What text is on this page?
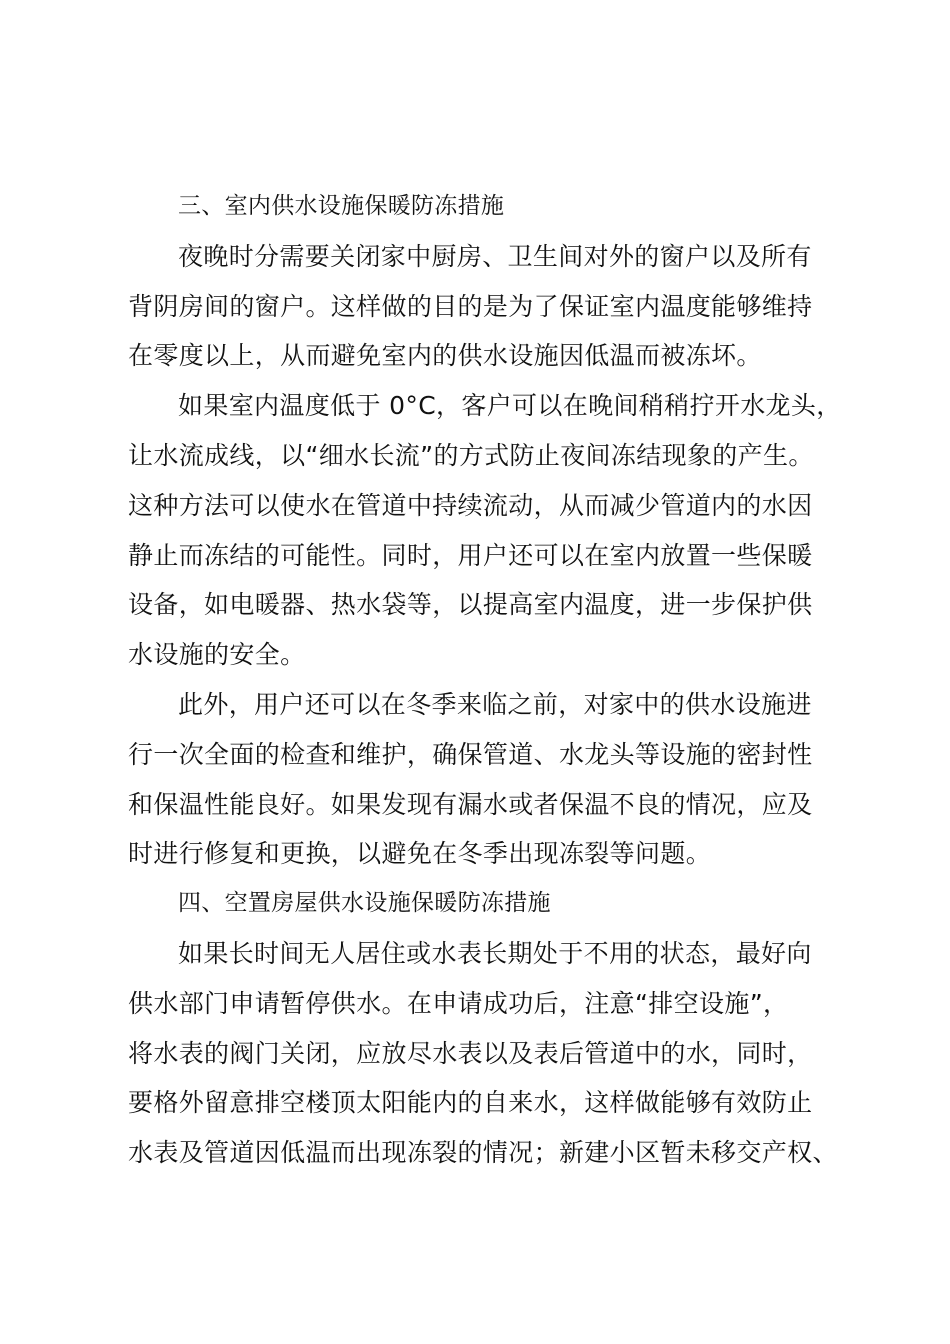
三、室内供水设施保暖防冻措施

夜晚时分需要关闭家中厨房、卫生间对外的窗户以及所有
背阴房间的窗户。这样做的目的是为了保证室内温度能够维持
在零度以上，从而避免室内的供水设施因低温而被冻坏。

如果室内温度低于 0°C，客户可以在晚间稍稍拧开水龙头，
让水流成线，以“细水长流”的方式防止夜间冻结现象的产生。
这种方法可以使水在管道中持续流动，从而减少管道内的水因
静止而冻结的可能性。同时，用户还可以在室内放置一些保暖
设备，如电暖器、热水袋等，以提高室内温度，进一步保护供
水设施的安全。

此外，用户还可以在冬季来临之前，对家中的供水设施进
行一次全面的检查和维护，确保管道、水龙头等设施的密封性
和保温性能良好。如果发现有漏水或者保温不良的情况，应及
时进行修复和更换，以避免在冬季出现冻裂等问题。

四、空置房屋供水设施保暖防冻措施

如果长时间无人居住或水表长期处于不用的状态，最好向
供水部门申请暂停供水。在申请成功后，注意“排空设施”，
将水表的阀门关闭，应放尽水表以及表后管道中的水，同时，
要格外留意排空楼顶太阳能内的自来水，这样做能够有效防止
水表及管道因低温而出现冻裂的情况；新建小区暂未移交产权、
